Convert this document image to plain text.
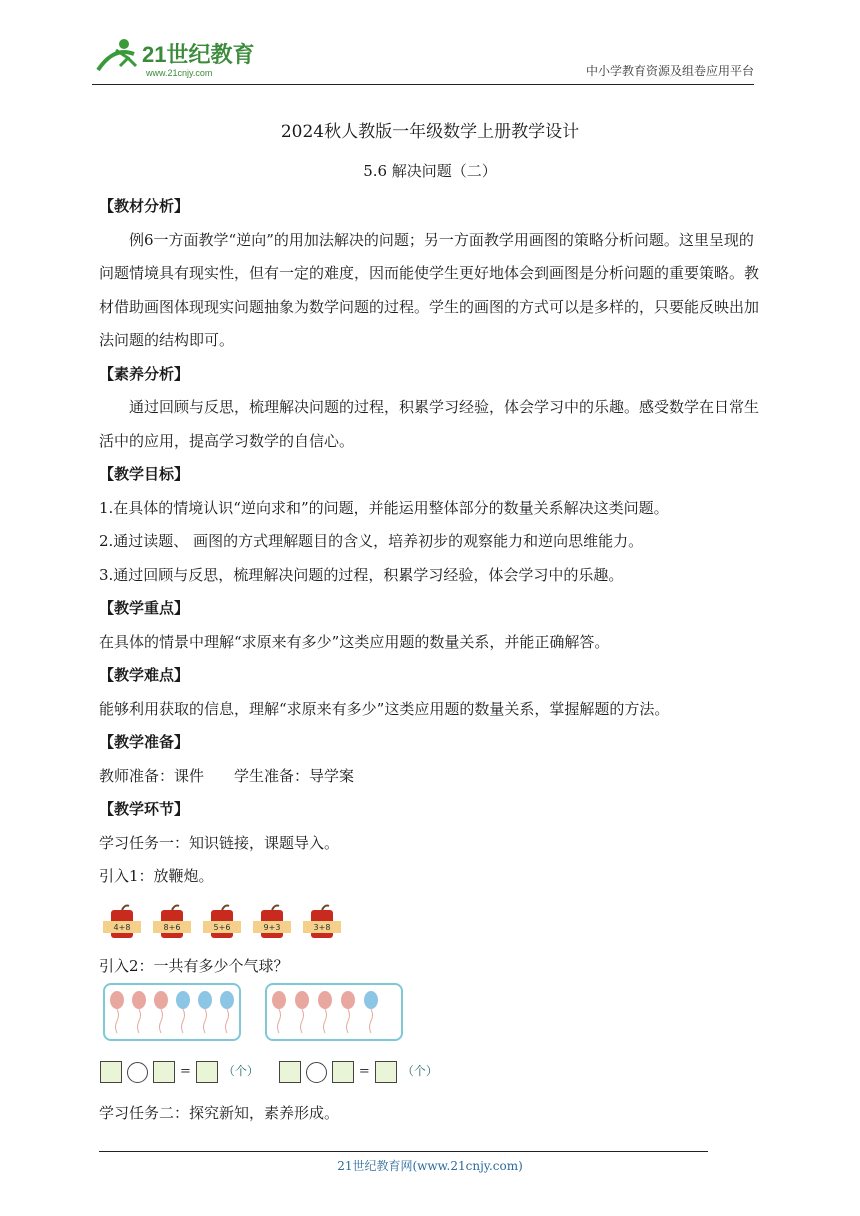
21世纪教育
www.21cnjy.com	中小学教育资源及组卷应用平台
2024秋人教版一年级数学上册教学设计
5.6 解决问题（二）

【教材分析】

例6一方面教学“逆向”的用加法解决的问题；另一方面教学用画图的策略分析问题。这里呈现的问题情境具有现实性，但有一定的难度，因而能使学生更好地体会到画图是分析问题的重要策略。教材借助画图体现现实问题抽象为数学问题的过程。学生的画图的方式可以是多样的，只要能反映出加法问题的结构即可。

【素养分析】

通过回顾与反思，梳理解决问题的过程，积累学习经验，体会学习中的乐趣。感受数学在日常生活中的应用，提高学习数学的自信心。

【教学目标】

1.在具体的情境认识“逆向求和”的问题，并能运用整体部分的数量关系解决这类问题。

2.通过读题、 画图的方式理解题目的含义，培养初步的观察能力和逆向思维能力。

3.通过回顾与反思，梳理解决问题的过程，积累学习经验，体会学习中的乐趣。

【教学重点】

在具体的情景中理解“求原来有多少”这类应用题的数量关系，并能正确解答。

【教学难点】

能够利用获取的信息，理解“求原来有多少”这类应用题的数量关系，掌握解题的方法。

【教学准备】

教师准备：课件　　学生准备：导学案

【教学环节】

学习任务一：知识链接，课题导入。

引入1：放鞭炮。

4+8	8+6	5+6	9+3	3+8

引入2：一共有多少个气球？

=	（个）	=	（个）

学习任务二：探究新知，素养形成。

21世纪教育网(www.21cnjy.com)
